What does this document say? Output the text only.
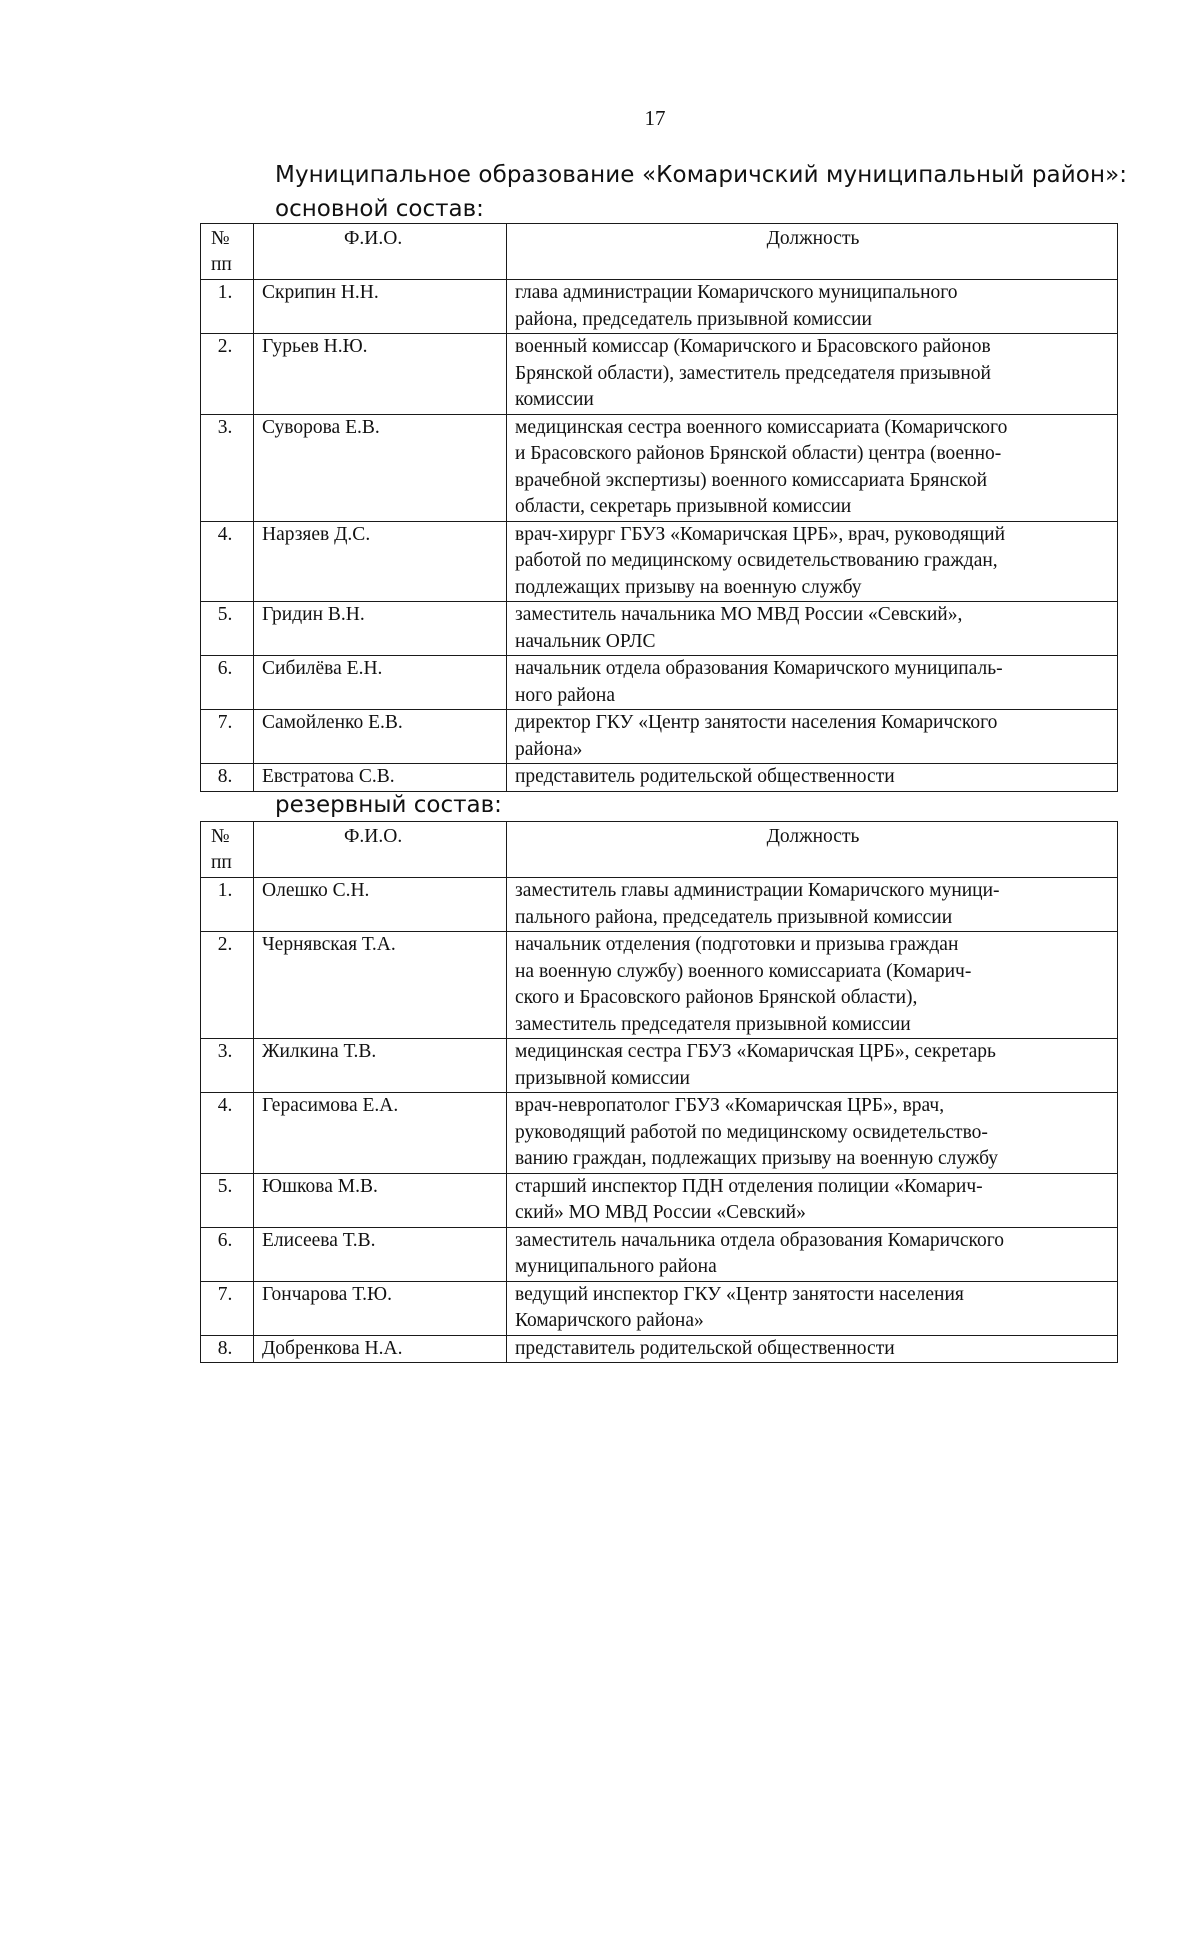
17
Муниципальное образование «Комаричский муниципальный район»:
основной состав:
№
пп	Ф.И.О.	Должность
1.	Скрипин Н.Н.	глава администрации Комаричского муниципального
района, председатель призывной комиссии
2.	Гурьев Н.Ю.	военный комиссар (Комаричского и Брасовского районов
Брянской области), заместитель председателя призывной
комиссии
3.	Суворова Е.В.	медицинская сестра военного комиссариата (Комаричского
и Брасовского районов Брянской области) центра (военно-
врачебной экспертизы) военного комиссариата Брянской
области, секретарь призывной комиссии
4.	Нарзяев Д.С.	врач-хирург ГБУЗ «Комаричская ЦРБ», врач, руководящий
работой по медицинскому освидетельствованию граждан,
подлежащих призыву на военную службу
5.	Гридин В.Н.	заместитель начальника МО МВД России «Севский»,
начальник ОРЛС
6.	Сибилёва Е.Н.	начальник отдела образования Комаричского муниципаль-
ного района
7.	Самойленко Е.В.	директор ГКУ «Центр занятости населения Комаричского
района»
8.	Евстратова С.В.	представитель родительской общественности
резервный состав:
№
пп	Ф.И.О.	Должность
1.	Олешко С.Н.	заместитель главы администрации Комаричского муници-
пального района, председатель призывной комиссии
2.	Чернявская Т.А.	начальник отделения (подготовки и призыва граждан
на военную службу) военного комиссариата (Комарич-
ского и Брасовского районов Брянской области),
заместитель председателя призывной комиссии
3.	Жилкина Т.В.	медицинская сестра ГБУЗ «Комаричская ЦРБ», секретарь
призывной комиссии
4.	Герасимова Е.А.	врач-невропатолог ГБУЗ «Комаричская ЦРБ», врач,
руководящий работой по медицинскому освидетельство-
ванию граждан, подлежащих призыву на военную службу
5.	Юшкова М.В.	старший инспектор ПДН отделения полиции «Комарич-
ский» МО МВД России «Севский»
6.	Елисеева Т.В.	заместитель начальника отдела образования Комаричского
муниципального района
7.	Гончарова Т.Ю.	ведущий инспектор ГКУ «Центр занятости населения
Комаричского района»
8.	Добренкова Н.А.	представитель родительской общественности
